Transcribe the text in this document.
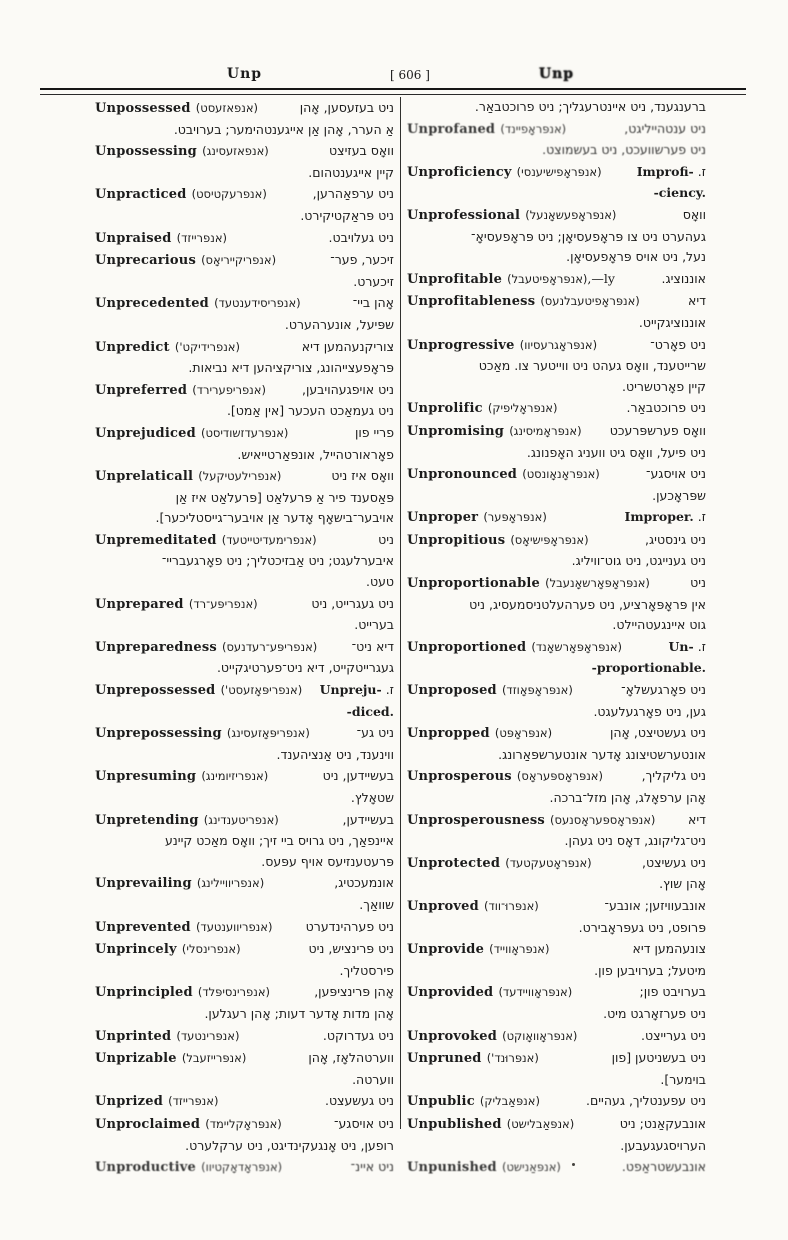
Unp	[ 606 ]	Unp
ניט בעזעסען, אָהן
Unpossessed (אנפאזעסט)
אַ הערר, אָהן אַן אייגענטהימער; בערויבט.
וואָס בעזיצט
Unpossessing (אנפאזעסינג)
קיין אייגענטהום.
ניט ערפאַהרען,
Unpracticed (אנפרעקטיסט)
ניט פּראַקטיקירט.
ניט געלויבט.
Unpraised (אנפרייזד)
זיכער, פער־
Unprecarious (אנפריקייריאָס)
זיכערט.
אָהן ביי־
Unprecedented (אנפריסידענטעד)
שפּיעל, אונערהערט.
צוריקנעהמען דיא
Unpredict (אנפרידיקט')
פּראָפעצייהונג, צוריקציהען דיא נביאות.
ניט אויפגעהויבען,
Unpreferred (אנפריפערירד)
ניט געמאַכט העכער [אין אַמט].
פריי פון
Unprejudiced (אנפּרעדזשודיסט)
פאָראורטהייל, אונפּאַרטייאיש.
וואָס איז ניט
Unprelaticall (אנפרילעטיקעל)
פּאַסענד פיר אַ פּרעלאַט [פּרעלאַט איז אַן
אויבער־בישאָף אָדער אַן אויבער־גייסטליכער].
ניט
Unpremeditated (אנפרימעדיטייטעד)
איבערלעגט; ניט אַבזיכטליך; ניט פאָרגעבריי־
טעט.
ניט געגרייט, ניט
Unprepared (אנפריפּע־רד)
בערייט.
דיא ניט־
Unpreparedness (אנפריפּע־רעדנעס)
געגרייטקייט, דיא ניט־פערטיגקייט.
ז. Unpreju-
Unprepossessed (אנפריפּאָזעסט')
-diced.
ניט גע־
Unprepossessing (אנפריפּאָזעסינג)
ווינענד, ניט אַנציהענד.
בעשיידען, ניט
Unpresuming (אנפריזיומינג)
שטאָלץ.
בעשיידען,
Unpretending (אנפריטענדינג)
איינפאַך, ניט גרויס ביי זיך; וואָס מאַכט קיינע
פּרעטענזיעס אויף עפּעס.
אונמעכטיג,
Unprevailing (אנפריוויילינג)
שוואַך.
ניט פערהינדערט
Unprevented (אנפריווענטעד)
ניט פּרינציש, ניט
Unprincely (אנפרינסלי)
פירסטליך.
אָהן פּרינציפּען,
Unprincipled (אנפרינסיפּלד)
אָהן מדות אָדער דעות; אָהן רעגלען.
ניט געדרוקט.
Unprinted (אנפּרינטעד)
ווערטהלאָז, אָהן
Unprizable (אנפּרייזעבל)
ווערטה.
ניט געשעצט.
Unprized (אנפּרייזד)
ניט אויסגע־
Unproclaimed (אנפּראָקליימד)
רופען, ניט אָנגעקינדיגט, ניט ערקלערט.
ניט איינ־
Unproductive (אנפּראָדאָקטיוו)
ברענגענד, ניט איינטרעגליך; ניט פרוכטבאַר.
ניט ענטהייליגט,
Unprofaned (אנפּראָפיינד)
ניט פערשוועכט, ניט בעשמוצט.
ז. Improfi-
Unproficiency (אנפּראָפישיענסי)
-ciency.
וואָס
Unprofessional (אנפּראָפעשאָנעל)
געהערט ניט צו פּראָפעסיאָן; ניט פּראָפעסיאָ־
נעל, ניט אויס פּראָפעסיאָן.
אוננוציג.
Unprofitable (אנפּראָפיטעבל),—ly
דיא
Unprofitableness (אנפּראָפיטעבלנעס)
אוננוציגקייט.
ניט פאָרט־
Unprogressive (אנפּראָגרעסיוו)
שרייטענד, וואָס געהט ניט ווייטער צו. מאַכט
קיין פאָרטשריט.
ניט פרוכטבאַר.
Unprolific (אנפּראָליפיק)
וואָס פערשפּרעכט
Unpromising (אנפּראָמיסינג)
ניט פיעל, וואָס גיט וועניג האָפנונג.
ניט אויסגע־
Unpronounced (אנפּראָנאָונסט)
שפּראָכען.
ז. Improper.
Unproper (אנפּראָפּער)
ניט גינסטיג,
Unpropitious (אנפּראָפּישיאָס)
ניט גענייגט, ניט גוט־וויליג.
ניט
Unproportionable (אנפּראָפּאָרשאָנעבל)
אין פּראָפּאָרציע, ניט פערהעלטניסמעסיג, ניט
גוט איינגעטהיילט.
ז. Un-
Unproportioned (אנפּראָפּאָרשאָנד)
-proportionable.
ניט פאָרגעשלאָ־
Unproposed (אנפּראָפּאָוזד)
גען, ניט פאָרגעלעגט.
ניט געשטיצט, אָהן
Unpropped (אנפּראָפּט)
אונטערשטיצונג אָדער אונטערשפּאַרונג.
ניט גליקליך,
Unprosperous (אנפּראָספּעראָס)
אָהן ערפאָלג, אָהן מזל־ברכה.
דיא
Unprosperousness (אנפּראָספּעראָסנעס)
ניט־גליקונג, דאָס ניט געהן.
ניט געשיצט,
Unprotected (אנפּראָטעקטעד)
אָהן שוץ.
אונבעוויזען; אונבע־
Unproved (אנפּרוּ־ווד)
פּרופט, ניט געפּראָבירט.
צונעהמען דיא
Unprovide (אנפּראָווייד)
מיטעל; בערויבען פון.
בערויבט פון;
Unprovided (אנפּראָוויידעד)
ניט פערזאָרגט מיט.
ניט גערייצט.
Unprovoked (אנפּראָוואָוקט)
ניט בעשניטען [פון
Unpruned (אנפּרוּנד')
בוימער].
ניט עפענטליך, געהיים.
Unpublic (אנפּאַבליק)
אונבעקאַנט; ניט
Unpublished (אנפּאַבלישט)
הערויסגעגעבען.
אונבעשטראַפט.
Unpunished (אנפּאַנישט)
